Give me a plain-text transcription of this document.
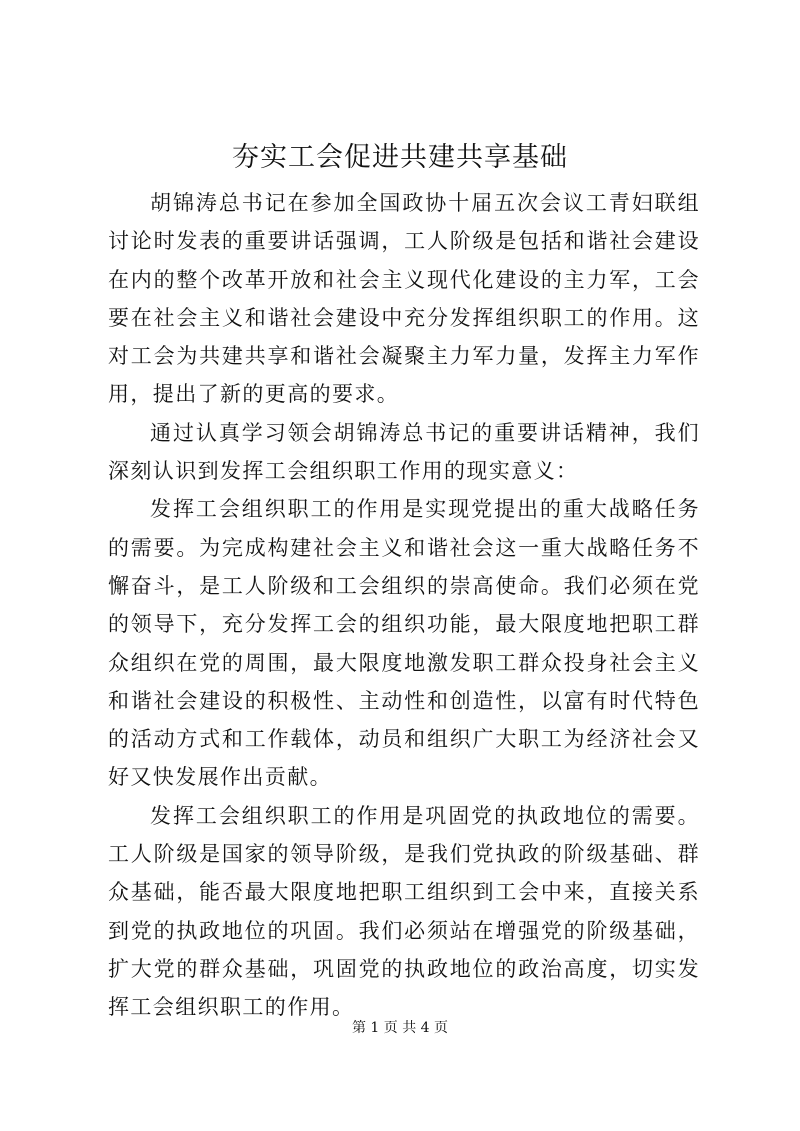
夯实工会促进共建共享基础

胡锦涛总书记在参加全国政协十届五次会议工青妇联组讨论时发表的重要讲话强调，工人阶级是包括和谐社会建设在内的整个改革开放和社会主义现代化建设的主力军，工会要在社会主义和谐社会建设中充分发挥组织职工的作用。这对工会为共建共享和谐社会凝聚主力军力量，发挥主力军作用，提出了新的更高的要求。

通过认真学习领会胡锦涛总书记的重要讲话精神，我们深刻认识到发挥工会组织职工作用的现实意义：

发挥工会组织职工的作用是实现党提出的重大战略任务的需要。为完成构建社会主义和谐社会这一重大战略任务不懈奋斗，是工人阶级和工会组织的崇高使命。我们必须在党的领导下，充分发挥工会的组织功能，最大限度地把职工群众组织在党的周围，最大限度地激发职工群众投身社会主义和谐社会建设的积极性、主动性和创造性，以富有时代特色的活动方式和工作载体，动员和组织广大职工为经济社会又好又快发展作出贡献。

发挥工会组织职工的作用是巩固党的执政地位的需要。工人阶级是国家的领导阶级，是我们党执政的阶级基础、群众基础，能否最大限度地把职工组织到工会中来，直接关系到党的执政地位的巩固。我们必须站在增强党的阶级基础，扩大党的群众基础，巩固党的执政地位的政治高度，切实发挥工会组织职工的作用。

第 1 页 共 4 页
